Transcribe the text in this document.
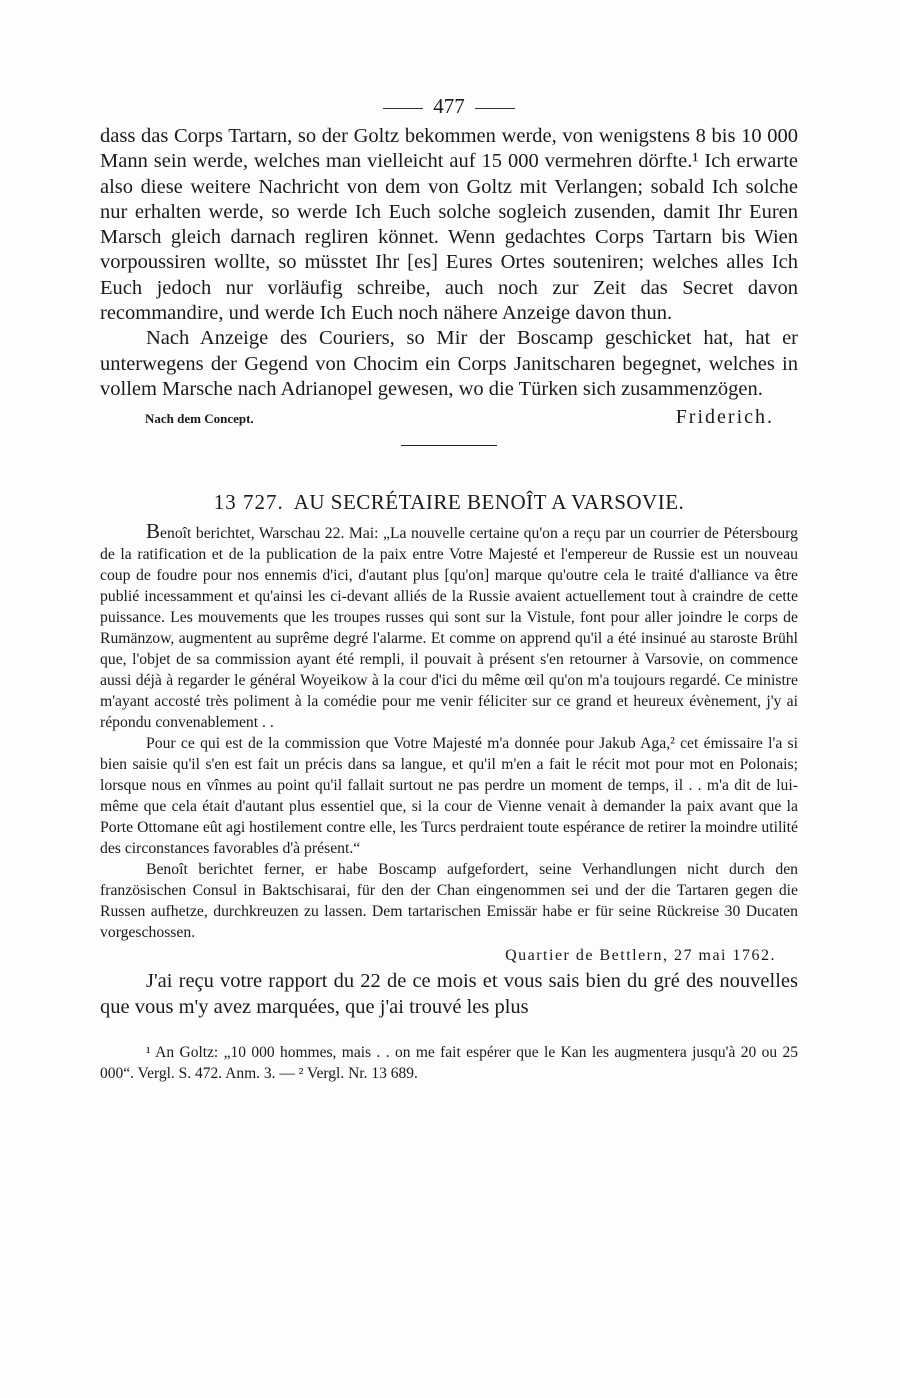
477

dass das Corps Tartarn, so der Goltz bekommen werde, von wenigstens 8 bis 10 000 Mann sein werde, welches man vielleicht auf 15 000 vermehren dörfte.¹ Ich erwarte also diese weitere Nachricht von dem von Goltz mit Verlangen; sobald Ich solche nur erhalten werde, so werde Ich Euch solche sogleich zusenden, damit Ihr Euren Marsch gleich darnach regliren könnet. Wenn gedachtes Corps Tartarn bis Wien vorpoussiren wollte, so müsstet Ihr [es] Eures Ortes souteniren; welches alles Ich Euch jedoch nur vorläufig schreibe, auch noch zur Zeit das Secret davon recommandire, und werde Ich Euch noch nähere Anzeige davon thun.

Nach Anzeige des Couriers, so Mir der Boscamp geschicket hat, hat er unterwegens der Gegend von Chocim ein Corps Janitscharen begegnet, welches in vollem Marsche nach Adrianopel gewesen, wo die Türken sich zusammenzögen.

Nach dem Concept.	Friderich.
13 727. AU SECRÉTAIRE BENOÎT A VARSOVIE.

Benoît berichtet, Warschau 22. Mai: „La nouvelle certaine qu'on a reçu par un courrier de Pétersbourg de la ratification et de la publication de la paix entre Votre Majesté et l'empereur de Russie est un nouveau coup de foudre pour nos ennemis d'ici, d'autant plus [qu'on] marque qu'outre cela le traité d'alliance va être publié incessamment et qu'ainsi les ci-devant alliés de la Russie avaient actuellement tout à craindre de cette puissance. Les mouvements que les troupes russes qui sont sur la Vistule, font pour aller joindre le corps de Rumänzow, augmentent au suprême degré l'alarme. Et comme on apprend qu'il a été insinué au staroste Brühl que, l'objet de sa commission ayant été rempli, il pouvait à présent s'en retourner à Varsovie, on commence aussi déjà à regarder le général Woyeikow à la cour d'ici du même œil qu'on m'a toujours regardé. Ce ministre m'ayant accosté très poliment à la comédie pour me venir féliciter sur ce grand et heureux évènement, j'y ai répondu convenablement . .

Pour ce qui est de la commission que Votre Majesté m'a donnée pour Jakub Aga,² cet émissaire l'a si bien saisie qu'il s'en est fait un précis dans sa langue, et qu'il m'en a fait le récit mot pour mot en Polonais; lorsque nous en vînmes au point qu'il fallait surtout ne pas perdre un moment de temps, il . . m'a dit de lui-même que cela était d'autant plus essentiel que, si la cour de Vienne venait à demander la paix avant que la Porte Ottomane eût agi hostilement contre elle, les Turcs perdraient toute espérance de retirer la moindre utilité des circonstances favorables d'à présent.“

Benoît berichtet ferner, er habe Boscamp aufgefordert, seine Verhandlungen nicht durch den französischen Consul in Baktschisarai, für den der Chan eingenommen sei und der die Tartaren gegen die Russen aufhetze, durchkreuzen zu lassen. Dem tartarischen Emissär habe er für seine Rückreise 30 Ducaten vorgeschossen.

Quartier de Bettlern, 27 mai 1762.

J'ai reçu votre rapport du 22 de ce mois et vous sais bien du gré des nouvelles que vous m'y avez marquées, que j'ai trouvé les plus

¹ An Goltz: „10 000 hommes, mais . . on me fait espérer que le Kan les augmentera jusqu'à 20 ou 25 000“. Vergl. S. 472. Anm. 3. — ² Vergl. Nr. 13 689.
